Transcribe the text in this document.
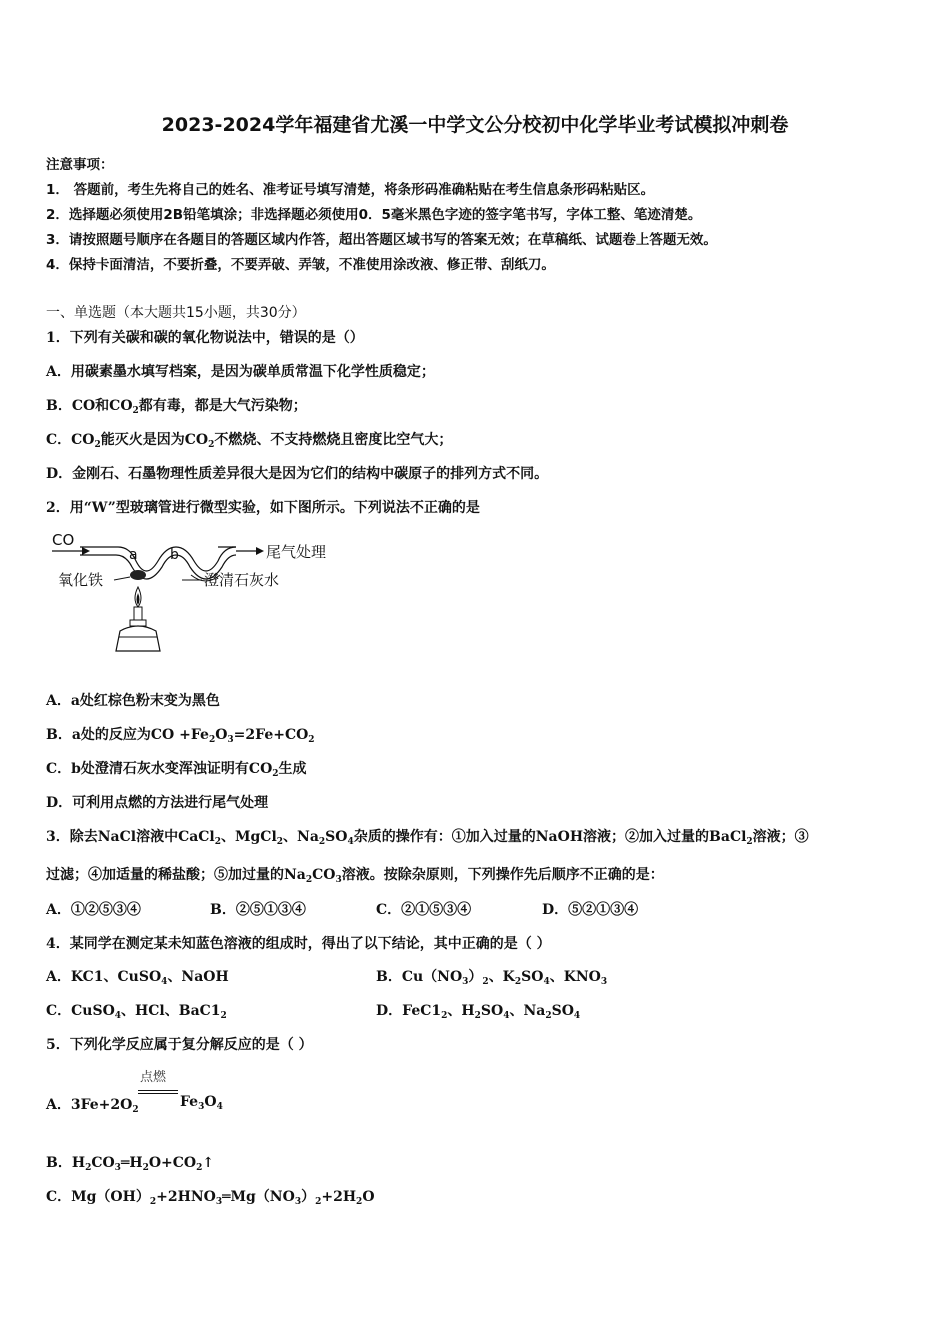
2023-2024学年福建省尤溪一中学文公分校初中化学毕业考试模拟冲刺卷
注意事项：
1． 答题前，考生先将自己的姓名、准考证号填写清楚，将条形码准确粘贴在考生信息条形码粘贴区。
2．选择题必须使用2B铅笔填涂；非选择题必须使用0．5毫米黑色字迹的签字笔书写，字体工整、笔迹清楚。
3．请按照题号顺序在各题目的答题区域内作答，超出答题区域书写的答案无效；在草稿纸、试题卷上答题无效。
4．保持卡面清洁，不要折叠，不要弄破、弄皱，不准使用涂改液、修正带、刮纸刀。
一、单选题（本大题共15小题，共30分）
1．下列有关碳和碳的氧化物说法中，错误的是（）
A．用碳素墨水填写档案，是因为碳单质常温下化学性质稳定；
B．CO和$CO_2$都有毒，都是大气污染物；
C．$CO_2$能灭火是因为$CO_2$不燃烧、不支持燃烧且密度比空气大；
D．金刚石、石墨物理性质差异很大是因为它们的结构中碳原子的排列方式不同。
2．用“W”型玻璃管进行微型实验，如下图所示。下列说法不正确的是
CO
a b	尾气处理
氧化铁	澄清石灰水
A．a处红棕色粉末变为黑色
B．a处的反应为CO $+Fe_2O_3=2Fe+CO_2$
C．b处澄清石灰水变浑浊证明有$CO_2$生成
D．可利用点燃的方法进行尾气处理
3．除去NaCl溶液中CaCl$_2$、MgCl$_2$、$Na_2SO_4$杂质的操作有：①加入过量的NaOH溶液；②加入过量的BaCl$_2$溶液；③
过滤；④加适量的稀盐酸；⑤加过量的$Na_2CO_3$溶液。按除杂原则，下列操作先后顺序不正确的是：
A．①②⑤③④	B．②⑤①③④	C．②①⑤③④	D．⑤②①③④
4．某同学在测定某未知蓝色溶液的组成时，得出了以下结论，其中正确的是（ ）
A．KC1、CuSO$_4$、NaOH	B．$Cu(NO_3)_2$、$K_2SO_4$、$KNO_3$
C．CuSO$_4$、HCl、$BaC1_2$	D．$FeC1_2$、$H_2SO_4$、$Na_2SO_4$
5．下列化学反应属于复分解反应的是（ ）
点燃
A．$3Fe+2O_2$	$Fe_3O_4$
B．$H_2CO_3═H_2O+CO_2↑$
C．$Mg(OH)_2+2HNO_3═Mg(NO_3)_2+2H_2O$
